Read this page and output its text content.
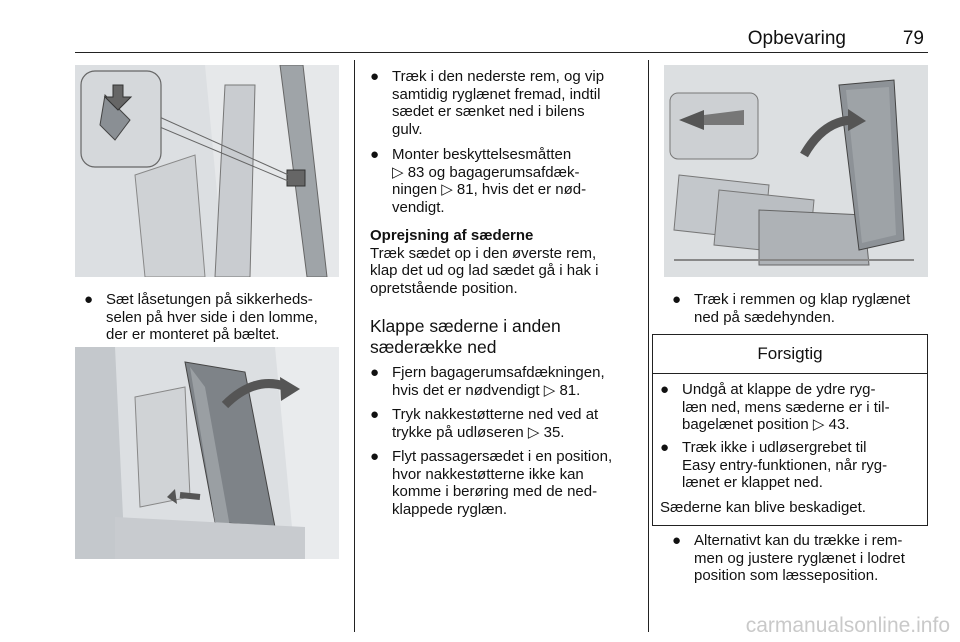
Opbevaring	79
● Sæt låsetungen på sikkerheds-
selen på hver side i den lomme,
der er monteret på bæltet.
● Træk i den nederste rem, og vip
samtidig ryglænet fremad, indtil
sædet er sænket ned i bilens
gulv.
● Monter beskyttelsesmåtten
▷ 83 og bagagerumsafdæk-
ningen ▷ 81, hvis det er nød-
vendigt.
Oprejsning af sæderne
Træk sædet op i den øverste rem,
klap det ud og lad sædet gå i hak i
opretstående position.
Klappe sæderne i anden
sæderække ned
● Fjern bagagerumsafdækningen,
hvis det er nødvendigt ▷ 81.
● Tryk nakkestøtterne ned ved at
trykke på udløseren ▷ 35.
● Flyt passagersædet i en position,
hvor nakkestøtterne ikke kan
komme i berøring med de ned-
klappede ryglæn.
● Træk i remmen og klap ryglænet
ned på sædehynden.
Forsigtig
● Undgå at klappe de ydre ryg-
læn ned, mens sæderne er i til-
bagelænet position ▷ 43.
● Træk ikke i udløsergrebet til
Easy entry-funktionen, når ryg-
lænet er klappet ned.
Sæderne kan blive beskadiget.
● Alternativt kan du trække i rem-
men og justere ryglænet i lodret
position som læsseposition.
carmanualsonline.info
